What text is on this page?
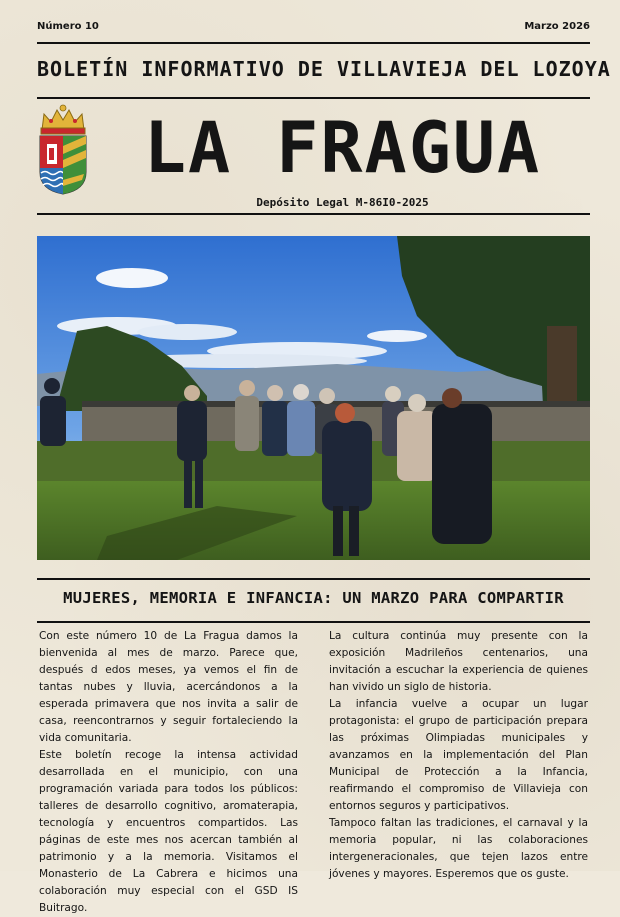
Número 10	Marzo 2026
BOLETÍN INFORMATIVO DE VILLAVIEJA DEL LOZOYA
LA FRAGUA
Depósito Legal M-86I0-2025
MUJERES, MEMORIA E INFANCIA: UN MARZO PARA COMPARTIR

Con este número 10 de La Fragua damos la bienvenida al mes de marzo. Parece que, después d edos meses, ya vemos el fin de tantas nubes y lluvia, acercándonos a la esperada primavera que nos invita a salir de casa, reencontrarnos y seguir fortaleciendo la vida comunitaria.

Este boletín recoge la intensa actividad desarrollada en el municipio, con una programación variada para todos los públicos: talleres de desarrollo cognitivo, aromaterapia, tecnología y encuentros compartidos. Las páginas de este mes nos acercan también al patrimonio y a la memoria. Visitamos el Monasterio de La Cabrera e hicimos una colaboración muy especial con el GSD IS Buitrago.

La cultura continúa muy presente con la exposición Madrileños centenarios, una invitación a escuchar la experiencia de quienes han vivido un siglo de historia.

La infancia vuelve a ocupar un lugar protagonista: el grupo de participación prepara las próximas Olimpiadas municipales y avanzamos en la implementación del Plan Municipal de Protección a la Infancia, reafirmando el compromiso de Villavieja con entornos seguros y participativos.

Tampoco faltan las tradiciones, el carnaval y la memoria popular, ni las colaboraciones intergeneracionales, que tejen lazos entre jóvenes y mayores. Esperemos que os guste.
